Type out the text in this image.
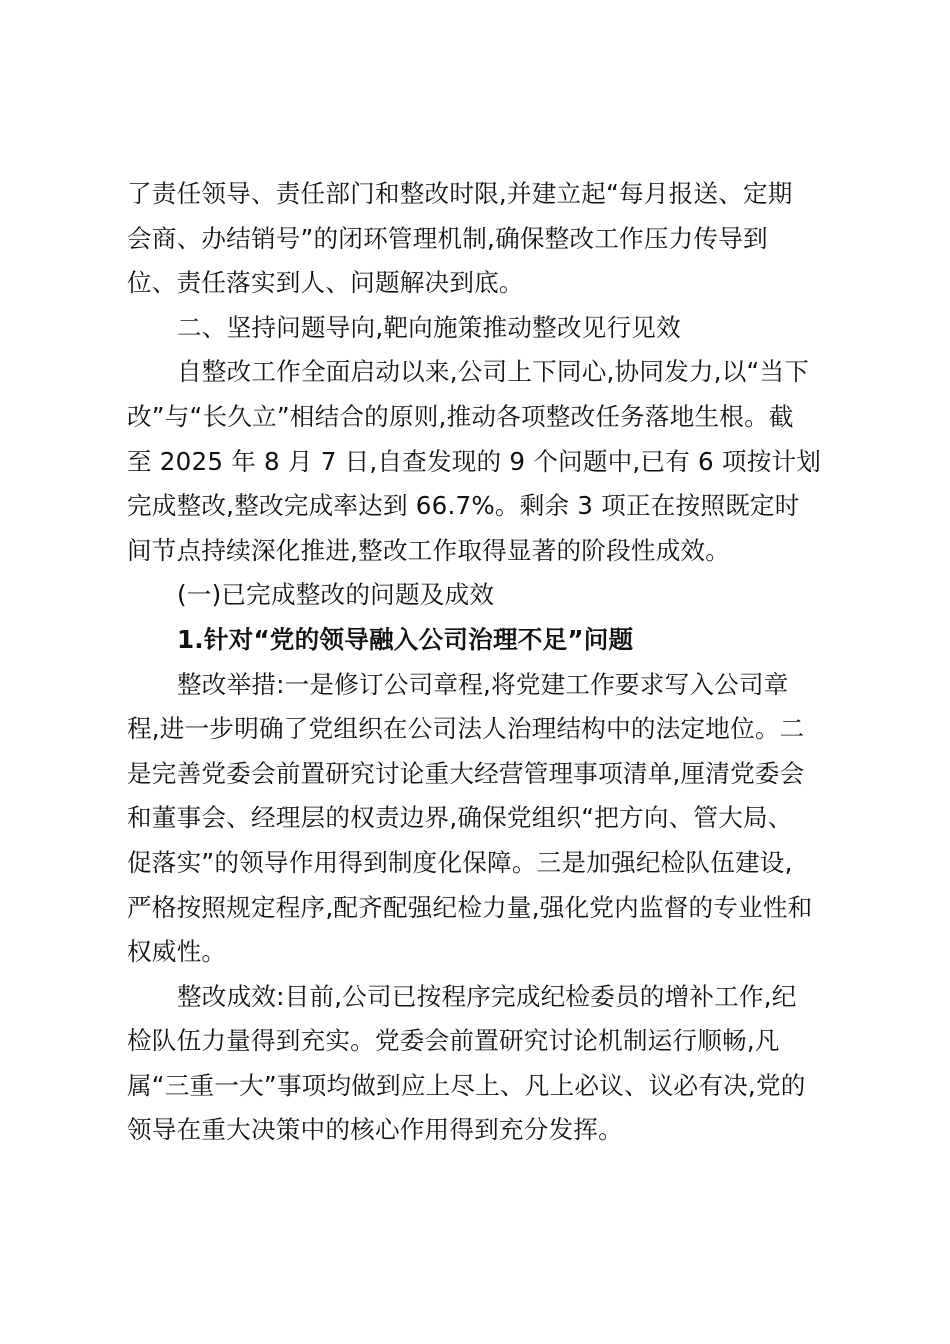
了责任领导、责任部门和整改时限,并建立起“每月报送、定期
会商、办结销号”的闭环管理机制,确保整改工作压力传导到
位、责任落实到人、问题解决到底。
二、坚持问题导向,靶向施策推动整改见行见效
自整改工作全面启动以来,公司上下同心,协同发力,以“当下
改”与“长久立”相结合的原则,推动各项整改任务落地生根。截
至 2025 年 8 月 7 日,自查发现的 9 个问题中,已有 6 项按计划
完成整改,整改完成率达到 66.7%。剩余 3 项正在按照既定时
间节点持续深化推进,整改工作取得显著的阶段性成效。
(一)已完成整改的问题及成效
1.针对“党的领导融入公司治理不足”问题
整改举措:一是修订公司章程,将党建工作要求写入公司章
程,进一步明确了党组织在公司法人治理结构中的法定地位。二
是完善党委会前置研究讨论重大经营管理事项清单,厘清党委会
和董事会、经理层的权责边界,确保党组织“把方向、管大局、
促落实”的领导作用得到制度化保障。三是加强纪检队伍建设,
严格按照规定程序,配齐配强纪检力量,强化党内监督的专业性和
权威性。
整改成效:目前,公司已按程序完成纪检委员的增补工作,纪
检队伍力量得到充实。党委会前置研究讨论机制运行顺畅,凡
属“三重一大”事项均做到应上尽上、凡上必议、议必有决,党的
领导在重大决策中的核心作用得到充分发挥。
